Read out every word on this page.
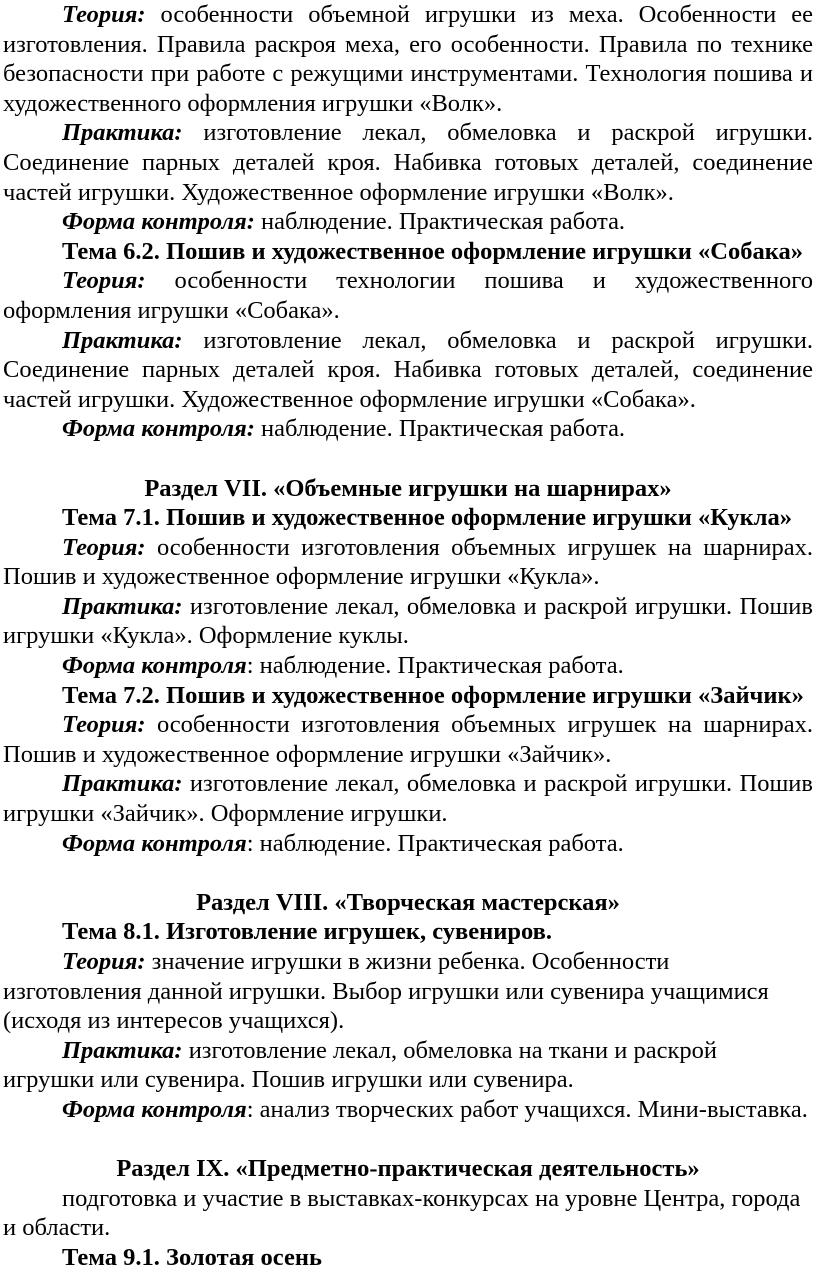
Теория: особенности объемной игрушки из меха. Особенности ее изготовления. Правила раскроя меха, его особенности. Правила по технике безопасности при работе с режущими инструментами. Технология пошива и художественного оформления игрушки «Волк».

Практика: изготовление лекал, обмеловка и раскрой игрушки. Соединение парных деталей кроя. Набивка готовых деталей, соединение частей игрушки. Художественное оформление игрушки «Волк».

Форма контроля: наблюдение. Практическая работа.

Тема 6.2. Пошив и художественное оформление игрушки «Собака»

Теория: особенности технологии пошива и художественного оформления игрушки «Собака».

Практика: изготовление лекал, обмеловка и раскрой игрушки. Соединение парных деталей кроя. Набивка готовых деталей, соединение частей игрушки. Художественное оформление игрушки «Собака».

Форма контроля: наблюдение. Практическая работа.

Раздел VII. «Объемные игрушки на шарнирах»
Тема 7.1. Пошив и художественное оформление игрушки «Кукла»

Теория: особенности изготовления объемных игрушек на шарнирах. Пошив и художественное оформление игрушки «Кукла».

Практика: изготовление лекал, обмеловка и раскрой игрушки. Пошив игрушки «Кукла». Оформление куклы.

Форма контроля: наблюдение. Практическая работа.

Тема 7.2. Пошив и художественное оформление игрушки «Зайчик»

Теория: особенности изготовления объемных игрушек на шарнирах. Пошив и художественное оформление игрушки «Зайчик».

Практика: изготовление лекал, обмеловка и раскрой игрушки. Пошив игрушки «Зайчик». Оформление игрушки.

Форма контроля: наблюдение. Практическая работа.

Раздел VIII. «Творческая мастерская»
Тема 8.1. Изготовление игрушек, сувениров.

Теория: значение игрушки в жизни ребенка. Особенности изготовления данной игрушки. Выбор игрушки или сувенира учащимися (исходя из интересов учащихся).

Практика: изготовление лекал, обмеловка на ткани и раскрой игрушки или сувенира. Пошив игрушки или сувенира.

Форма контроля: анализ творческих работ учащихся. Мини-выставка.

Раздел IX. «Предметно-практическая деятельность»

подготовка и участие в выставках-конкурсах на уровне Центра, города и области.

Тема 9.1. Золотая осень
